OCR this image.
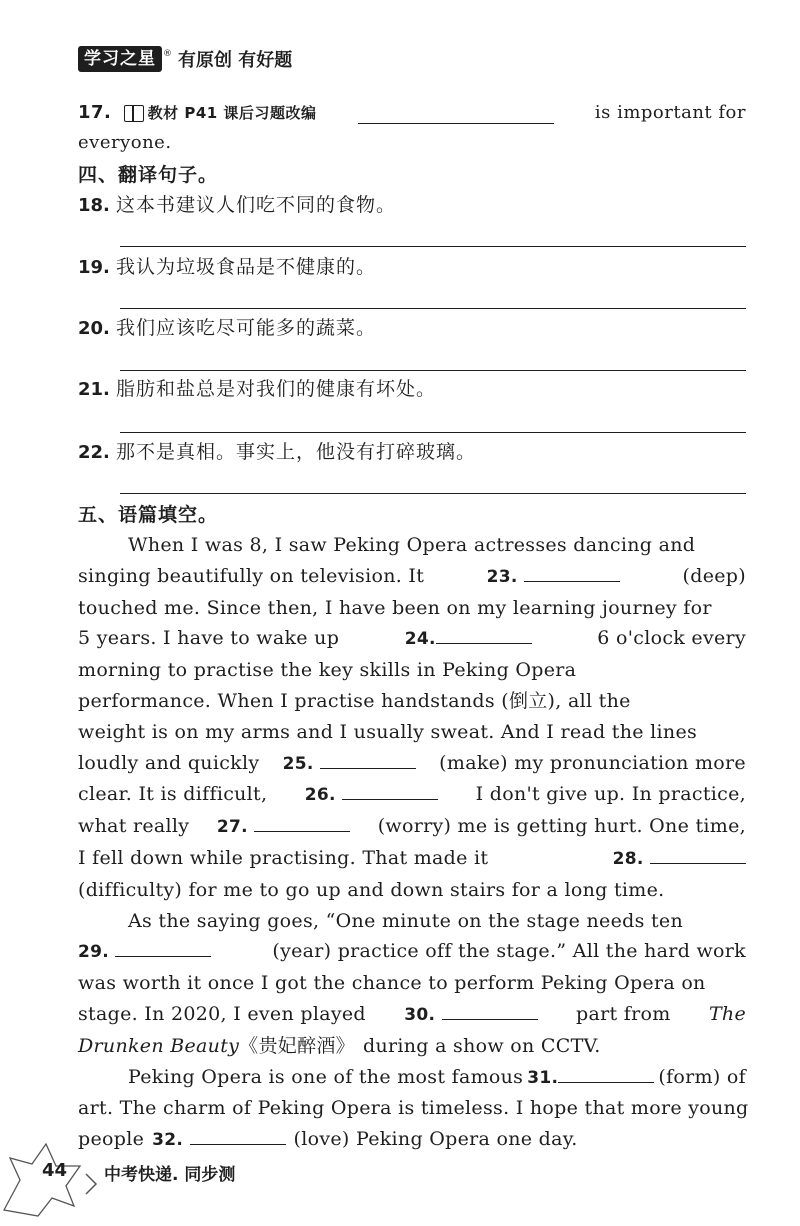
学习之星 ® 有原创 有好题
17. 教材 P41 课后习题改编	is important for
everyone.
四、翻译句子。
18. 这本书建议人们吃不同的食物。
19. 我认为垃圾食品是不健康的。
20. 我们应该吃尽可能多的蔬菜。
21. 脂肪和盐总是对我们的健康有坏处。
22. 那不是真相。事实上，他没有打碎玻璃。
五、语篇填空。
When I was 8, I saw Peking Opera actresses dancing and
singing beautifully on television. It	23.	(deep)
touched me. Since then, I have been on my learning journey for
5 years. I have to wake up	24.	6 o'clock every
morning to practise the key skills in Peking Opera
performance. When I practise handstands (倒立), all the
weight is on my arms and I usually sweat. And I read the lines
loudly and quickly 25.	(make) my pronunciation more
clear. It is difficult, 26.	I don't give up. In practice,
what really 27.	(worry) me is getting hurt. One time,
I fell down while practising. That made it	28.
(difficulty) for me to go up and down stairs for a long time.
As the saying goes, “One minute on the stage needs ten
29.	(year) practice off the stage.” All the hard work
was worth it once I got the chance to perform Peking Opera on
stage. In 2020, I even played 30.	part from The
Drunken Beauty《贵妃醉酒》 during a show on CCTV.
Peking Opera is one of the most famous 31.	(form) of
art. The charm of Peking Opera is timeless. I hope that more young
people 32.	(love) Peking Opera one day.
44 中考快递. 同步测
